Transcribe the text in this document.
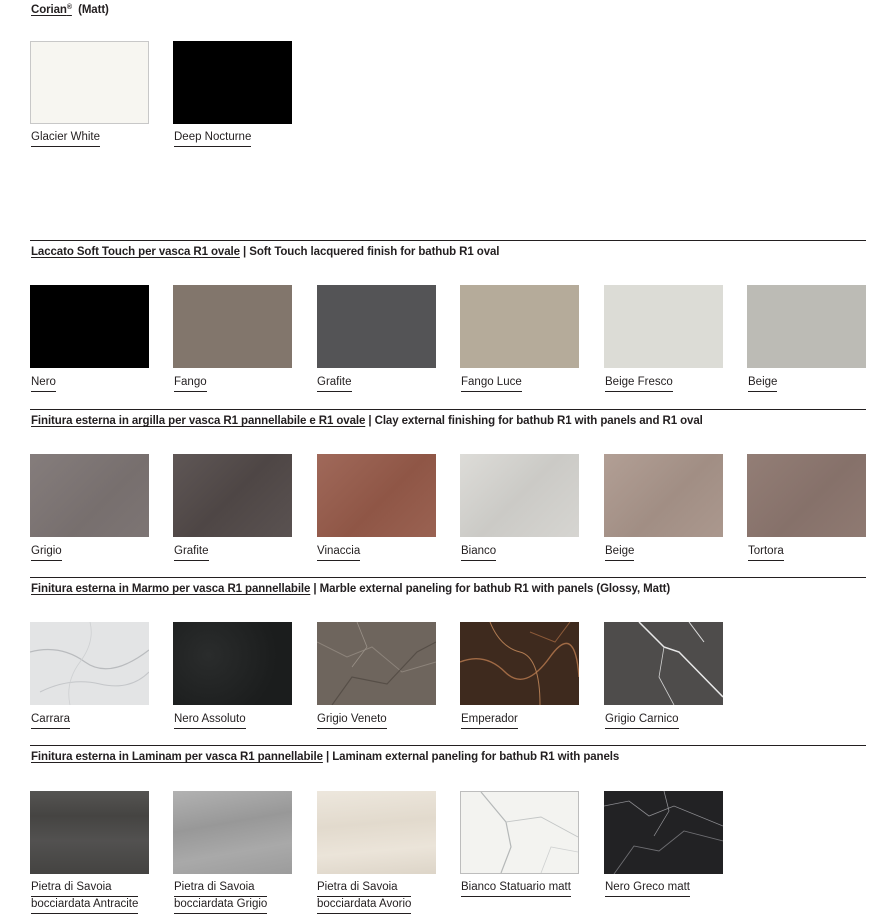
Corian® (Matt)
Glacier White	Deep Nocturne
Laccato Soft Touch per vasca R1 ovale | Soft Touch lacquered finish for bathub R1 oval
Nero	Fango	Grafite	Fango Luce	Beige Fresco	Beige
Finitura esterna in argilla per vasca R1 pannellabile e R1 ovale | Clay external finishing for bathub R1 with panels and R1 oval
Grigio	Grafite	Vinaccia	Bianco	Beige	Tortora
Finitura esterna in Marmo per vasca R1 pannellabile | Marble external paneling for bathub R1 with panels (Glossy, Matt)
Carrara	Nero Assoluto	Grigio Veneto	Emperador	Grigio Carnico
Finitura esterna in Laminam per vasca R1 pannellabile | Laminam external paneling for bathub R1 with panels
Pietra di Savoia
bocciardata Antracite
Pietra di Savoia
bocciardata Grigio
Pietra di Savoia
bocciardata Avorio
Bianco Statuario matt	Nero Greco matt
